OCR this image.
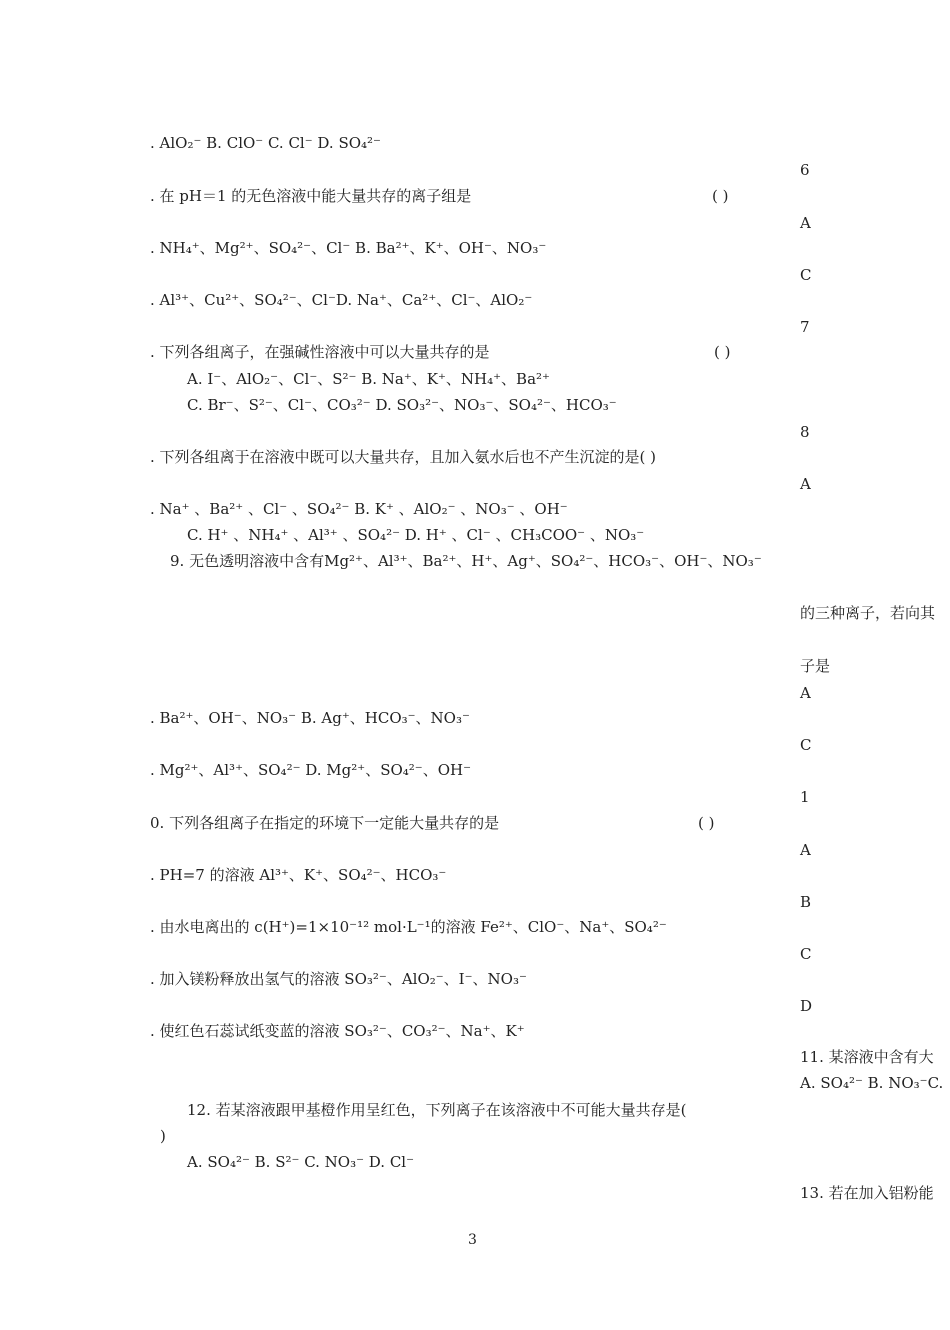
. AlO₂⁻ B. ClO⁻ C. Cl⁻ D. SO₄²⁻
. 在 pH＝1 的无色溶液中能大量共存的离子组是	( )
. NH₄⁺、Mg²⁺、SO₄²⁻、Cl⁻ B. Ba²⁺、K⁺、OH⁻、NO₃⁻
. Al³⁺、Cu²⁺、SO₄²⁻、Cl⁻D. Na⁺、Ca²⁺、Cl⁻、AlO₂⁻
. 下列各组离子，在强碱性溶液中可以大量共存的是	( )
A. I⁻、AlO₂⁻、Cl⁻、S²⁻ B. Na⁺、K⁺、NH₄⁺、Ba²⁺
C. Br⁻、S²⁻、Cl⁻、CO₃²⁻ D. SO₃²⁻、NO₃⁻、SO₄²⁻、HCO₃⁻
. 下列各组离于在溶液中既可以大量共存，且加入氨水后也不产生沉淀的是( )
. Na⁺ 、Ba²⁺ 、Cl⁻ 、SO₄²⁻ B. K⁺ 、AlO₂⁻ 、NO₃⁻ 、OH⁻
C. H⁺ 、NH₄⁺ 、Al³⁺ 、SO₄²⁻ D. H⁺ 、Cl⁻ 、CH₃COO⁻ 、NO₃⁻
9. 无色透明溶液中含有Mg²⁺、Al³⁺、Ba²⁺、H⁺、Ag⁺、SO₄²⁻、HCO₃⁻、OH⁻、NO₃⁻
. Ba²⁺、OH⁻、NO₃⁻ B. Ag⁺、HCO₃⁻、NO₃⁻
. Mg²⁺、Al³⁺、SO₄²⁻ D. Mg²⁺、SO₄²⁻、OH⁻
0. 下列各组离子在指定的环境下一定能大量共存的是	( )
. PH=7 的溶液 Al³⁺、K⁺、SO₄²⁻、HCO₃⁻
. 由水电离出的 c(H⁺)=1×10⁻¹² mol·L⁻¹的溶液 Fe²⁺、ClO⁻、Na⁺、SO₄²⁻
. 加入镁粉释放出氢气的溶液 SO₃²⁻、AlO₂⁻、I⁻、NO₃⁻
. 使红色石蕊试纸变蓝的溶液 SO₃²⁻、CO₃²⁻、Na⁺、K⁺
12. 若某溶液跟甲基橙作用呈红色，下列离子在该溶液中不可能大量共存是(
)
A. SO₄²⁻ B. S²⁻ C. NO₃⁻ D. Cl⁻
6
A
C
7
8
A
的三种离子，若向其
子是
A
C
1
A
B
C
D
11. 某溶液中含有大
A. SO₄²⁻ B. NO₃⁻C.
13. 若在加入铝粉能
3
